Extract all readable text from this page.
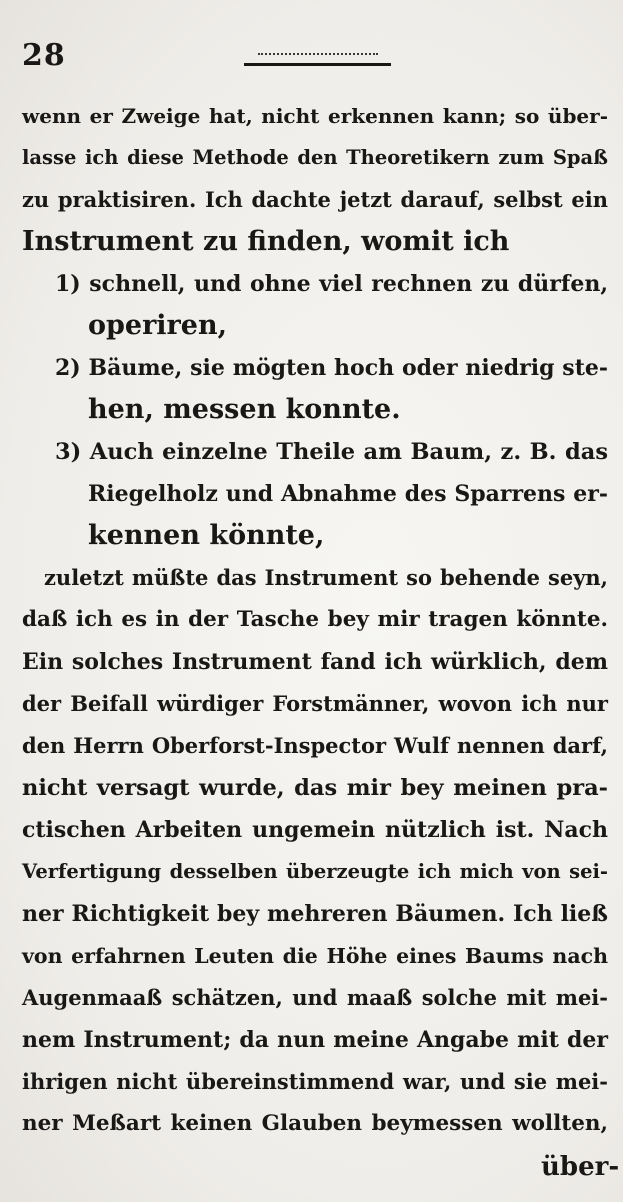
28
wenn er Zweige hat, nicht erkennen kann; so über-
lasse ich diese Methode den Theoretikern zum Spaß
zu praktisiren. Ich dachte jetzt darauf, selbst ein
Instrument zu finden, womit ich
1) schnell, und ohne viel rechnen zu dürfen,
operiren,
2) Bäume, sie mögten hoch oder niedrig ste-
hen, messen konnte.
3) Auch einzelne Theile am Baum, z. B. das
Riegelholz und Abnahme des Sparrens er-
kennen könnte,
zuletzt müßte das Instrument so behende seyn,
daß ich es in der Tasche bey mir tragen könnte.
Ein solches Instrument fand ich würklich, dem
der Beifall würdiger Forstmänner, wovon ich nur
den Herrn Oberforst-Inspector Wulf nennen darf,
nicht versagt wurde, das mir bey meinen pra-
ctischen Arbeiten ungemein nützlich ist. Nach
Verfertigung desselben überzeugte ich mich von sei-
ner Richtigkeit bey mehreren Bäumen. Ich ließ
von erfahrnen Leuten die Höhe eines Baums nach
Augenmaaß schätzen, und maaß solche mit mei-
nem Instrument; da nun meine Angabe mit der
ihrigen nicht übereinstimmend war, und sie mei-
ner Meßart keinen Glauben beymessen wollten,
über-
